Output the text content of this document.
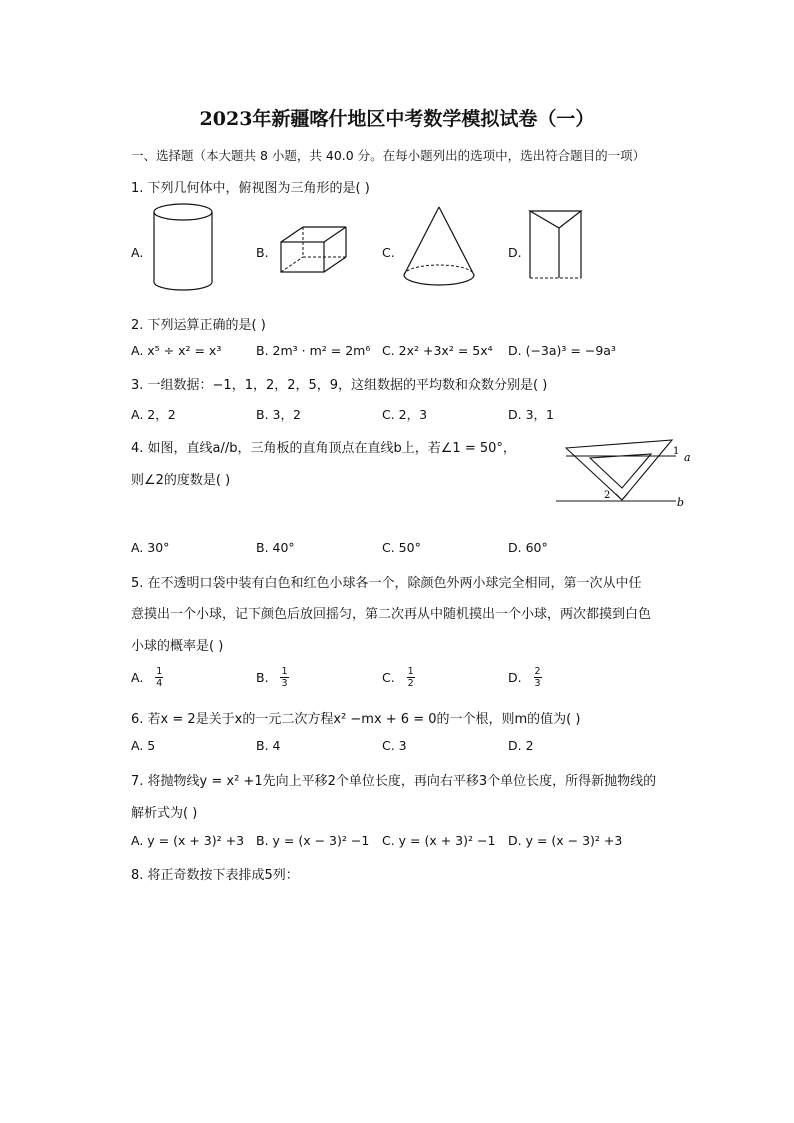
2023年新疆喀什地区中考数学模拟试卷（一）
一、选择题（本大题共 8 小题，共 40.0 分。在每小题列出的选项中，选出符合题目的一项）
1. 下列几何体中，俯视图为三角形的是( )
A.	B.	C.	D.
2. 下列运算正确的是( )
A. x⁵ ÷ x² = x³	B. 2m³ · m² = 2m⁶ C. 2x² +3x² = 5x⁴ D. (−3a)³ = −9a³
3. 一组数据：−1，1，2，2，5，9，这组数据的平均数和众数分别是( )
A. 2，2	B. 3，2	C. 2，3	D. 3，1
4. 如图，直线a//b，三角板的直角顶点在直线b上，若∠1 = 50°，
则∠2的度数是( )
1
2
a
b
A. 30°	B. 40°	C. 50°	D. 60°
5. 在不透明口袋中装有白色和红色小球各一个，除颜色外两小球完全相同，第一次从中任
意摸出一个小球，记下颜色后放回摇匀，第二次再从中随机摸出一个小球，两次都摸到白色
小球的概率是( )
A. $\frac{1}{4}$	B. $\frac{1}{3}$	C. $\frac{1}{2}$	D. $\frac{2}{3}$
6. 若x = 2是关于x的一元二次方程x² −mx + 6 = 0的一个根，则m的值为( )
A. 5	B. 4	C. 3	D. 2
7. 将抛物线y = x² +1先向上平移2个单位长度，再向右平移3个单位长度，所得新抛物线的
解析式为( )
A. y = (x + 3)² +3 B. y = (x − 3)² −1 C. y = (x + 3)² −1 D. y = (x − 3)² +3
8. 将正奇数按下表排成5列：
